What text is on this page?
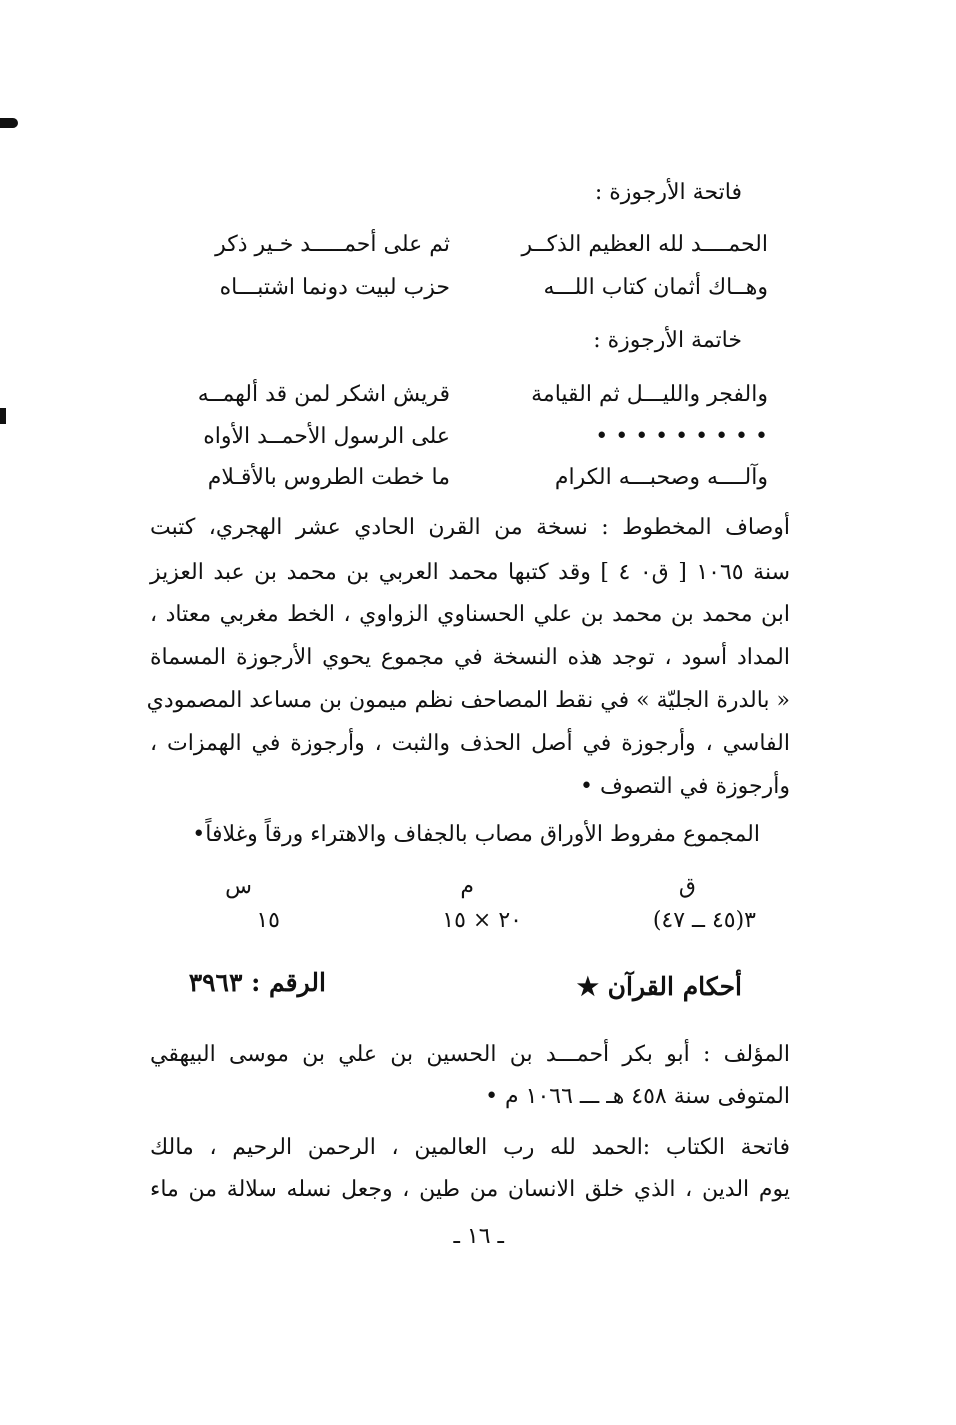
فاتحة الأرجوزة :
الحمــــد لله العظيم الذكــر
ثم على أحمـــــد خـير ذكر
وهــاك أثمان كتاب اللـــه
حزب لبيت دونما اشتبـــاه
خاتمة الأرجوزة :
والفجر والليـــل ثم القيامة
قريش اشكر لمن قد ألهمــه
• • • • • • • • •
على الرسول الأحمــد الأواه
وآلــــه وصحبـــه الكرام
ما خطت الطروس بالأقـلام
أوصاف المخطوط : نسخة من القرن الحادي عشر الهجري، كتبت
سنة ١٠٦٥ [ ق٠ ٤ ] وقد كتبها محمد العربي بن محمد بن عبد العزيز
ابن محمد بن محمد بن علي الحسناوي الزواوي ، الخط مغربي معتاد ،
المداد أسود ، توجد هذه النسخة في مجموع يحوي الأرجوزة المسماة
« بالدرة الجليّة » في نقط المصاحف نظم ميمون بن مساعد المصمودي
الفاسي ، وأرجوزة في أصل الحذف والثبت ، وأرجوزة في الهمزات ،
وأرجوزة في التصوف •
المجموع مفروط الأوراق مصاب بالجفاف والاهتراء ورقاً وغلافاً•
ق
م
س
٣(٤٥ ــ ٤٧)
٢٠ × ١٥
١٥
أحكام القرآن ★
الرقم : ٣٩٦٣
المؤلف : أبو بكر أحمـــد بن الحسين بن علي بن موسى البيهقي
المتوفى سنة ٤٥٨ هـ ـــ ١٠٦٦ م •
فاتحة الكتاب :الحمد لله رب العالمين ، الرحمن الرحيم ، مالك
يوم الدين ، الذي خلق الانسان من طين ، وجعل نسله سلالة من ماء
ـ ١٦ ـ
